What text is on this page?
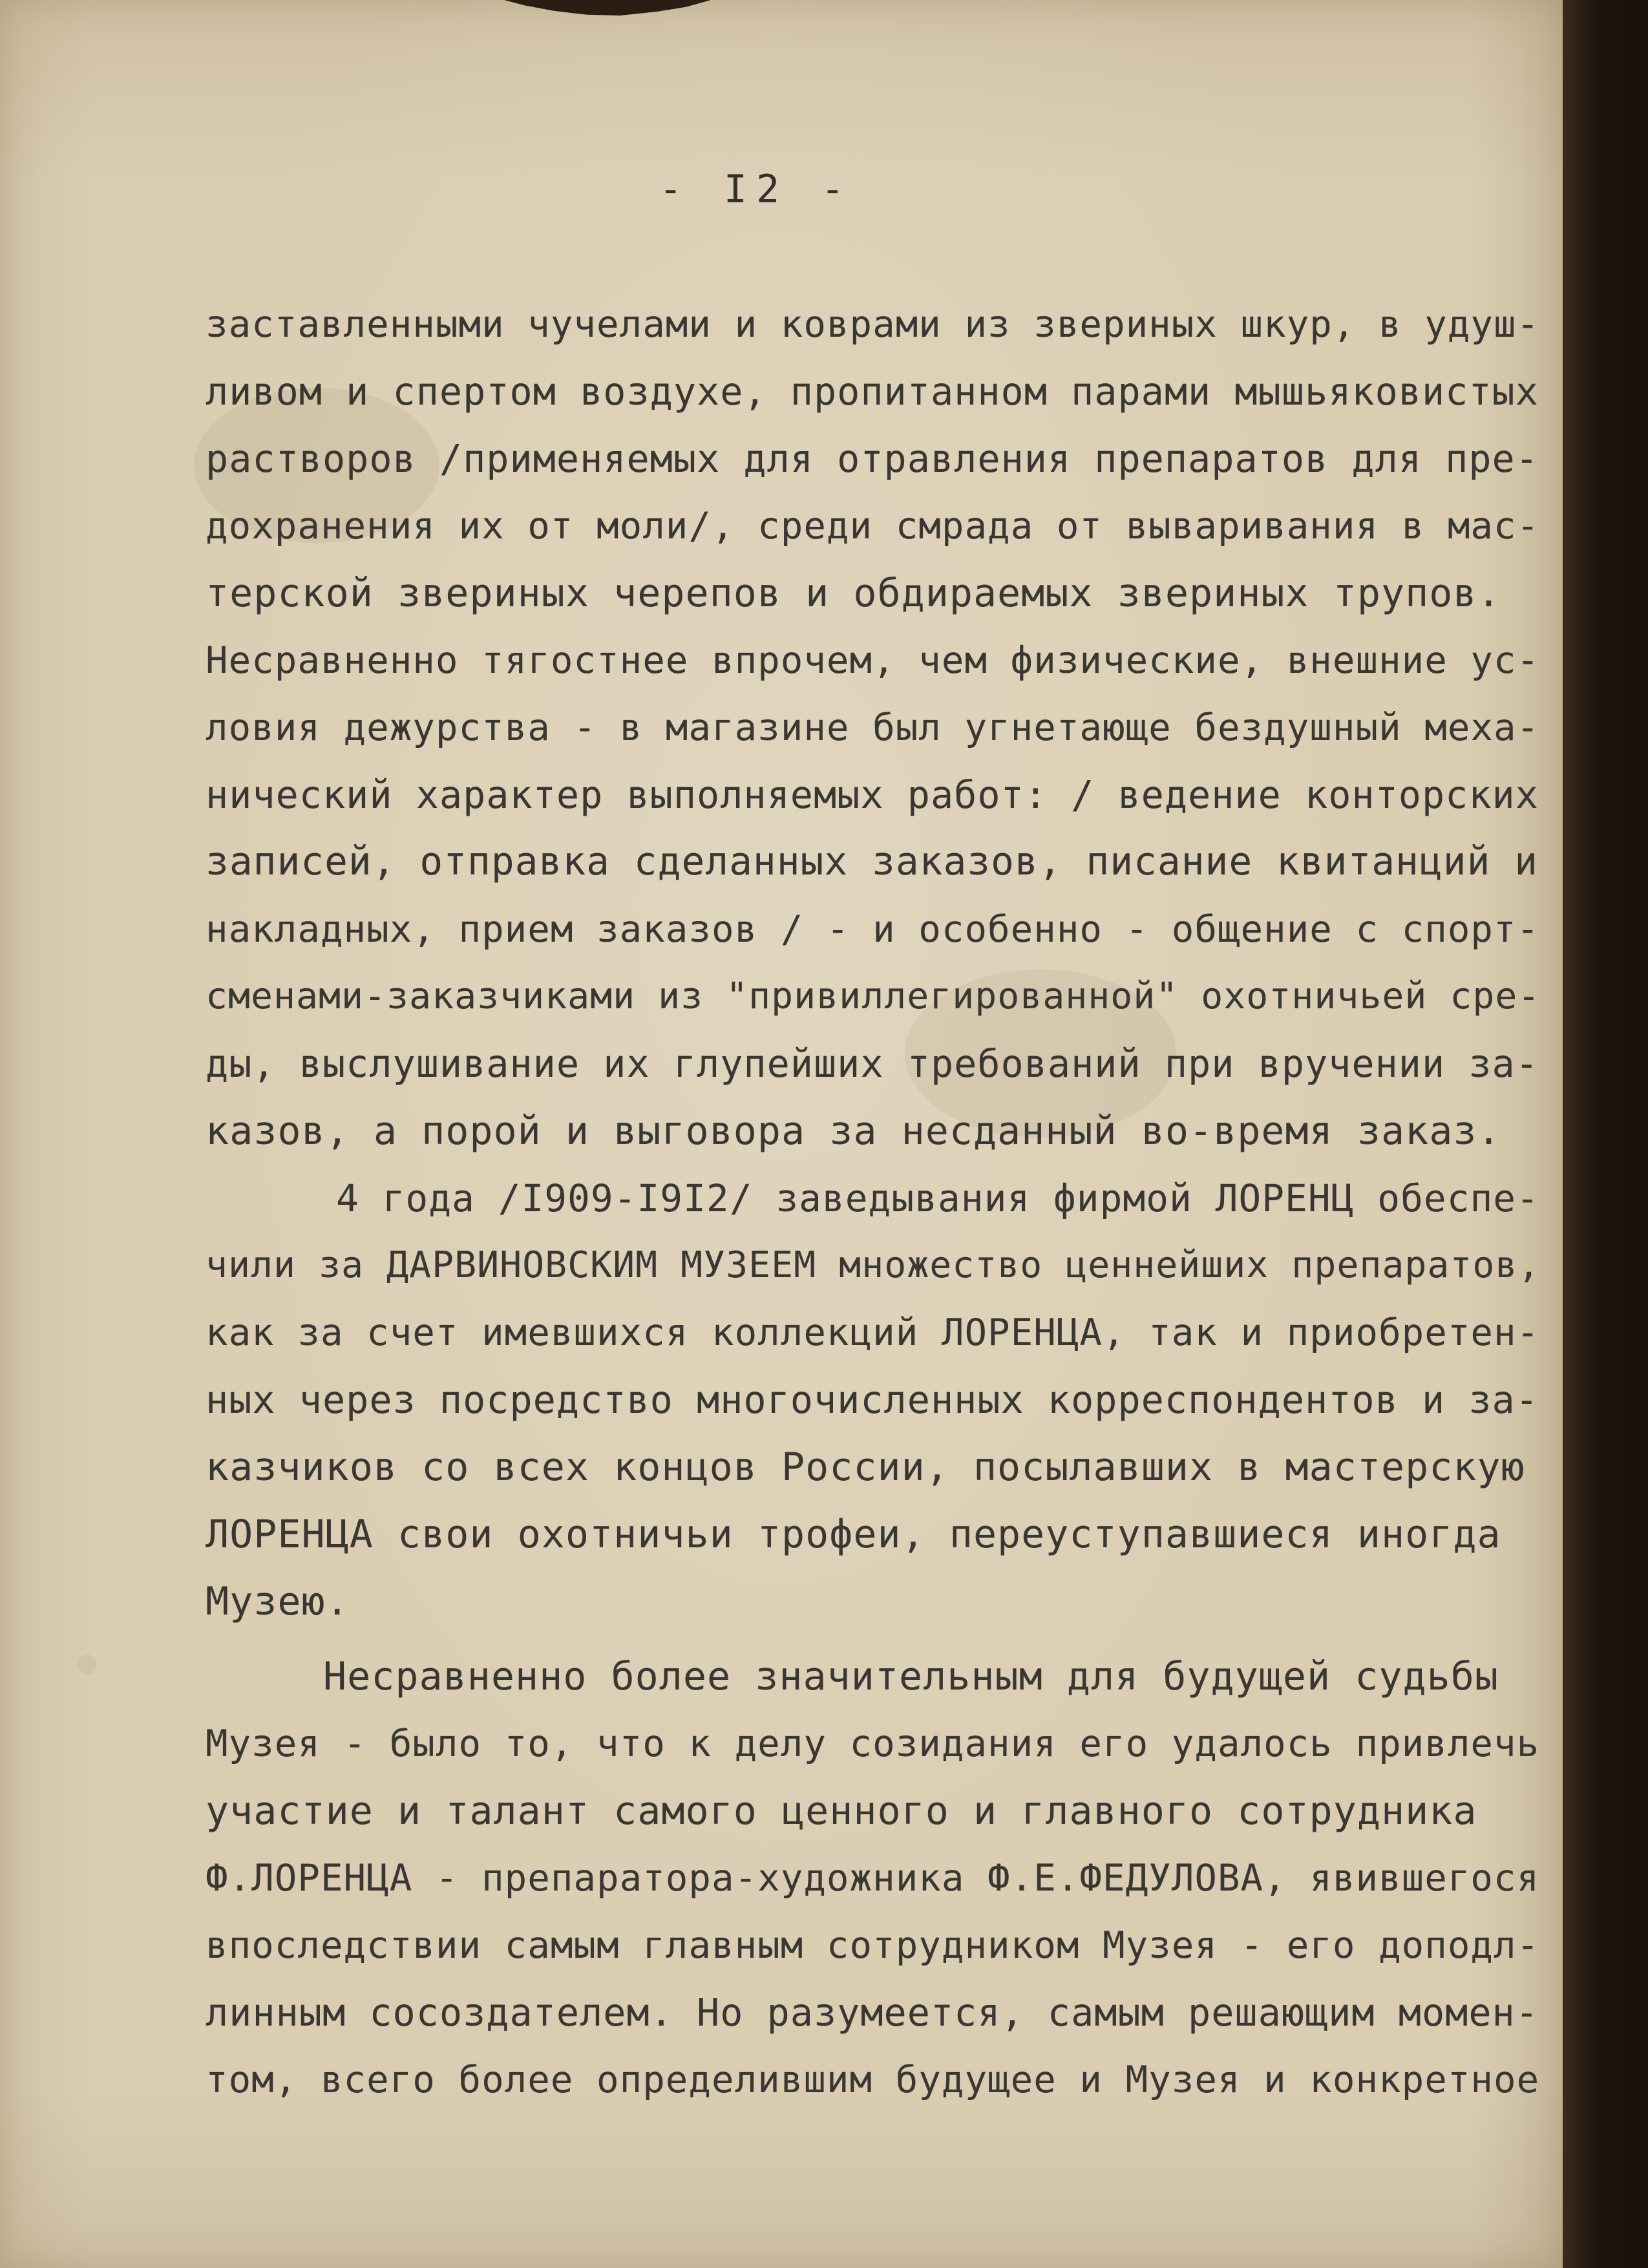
- I2 -
заставленными чучелами и коврами из звериных шкур, в удуш-
ливом и спертом воздухе, пропитанном парами мышьяковистых
растворов /применяемых для отравления препаратов для пре-
дохранения их от моли/, среди смрада от вываривания в мас-
терской звериных черепов и обдираемых звериных трупов.
Несравненно тягостнее впрочем, чем физические, внешние ус-
ловия дежурства - в магазине был угнетающе бездушный меха-
нический характер выполняемых работ: / ведение конторских
записей, отправка сделанных заказов, писание квитанций и
накладных, прием заказов / - и особенно - общение с спорт-
сменами-заказчиками из "привиллегированной" охотничьей сре-
ды, выслушивание их глупейших требований при вручении за-
казов, а порой и выговора за несданный во-время заказ.
4 года /I909-I9I2/ заведывания фирмой ЛОРЕНЦ обеспе-
чили за ДАРВИНОВСКИМ МУЗЕЕМ множество ценнейших препаратов,
как за счет имевшихся коллекций ЛОРЕНЦА, так и приобретен-
ных через посредство многочисленных корреспондентов и за-
казчиков со всех концов России, посылавших в мастерскую
ЛОРЕНЦА свои охотничьи трофеи, переуступавшиеся иногда
Музею.
Несравненно более значительным для будущей судьбы
Музея - было то, что к делу созидания его удалось привлечь
участие и талант самого ценного и главного сотрудника
Ф.ЛОРЕНЦА - препаратора-художника Ф.Е.ФЕДУЛОВА, явившегося
впоследствии самым главным сотрудником Музея - его доподл-
линным сосоздателем. Но разумеется, самым решающим момен-
том, всего более определившим будущее и Музея и конкретное
